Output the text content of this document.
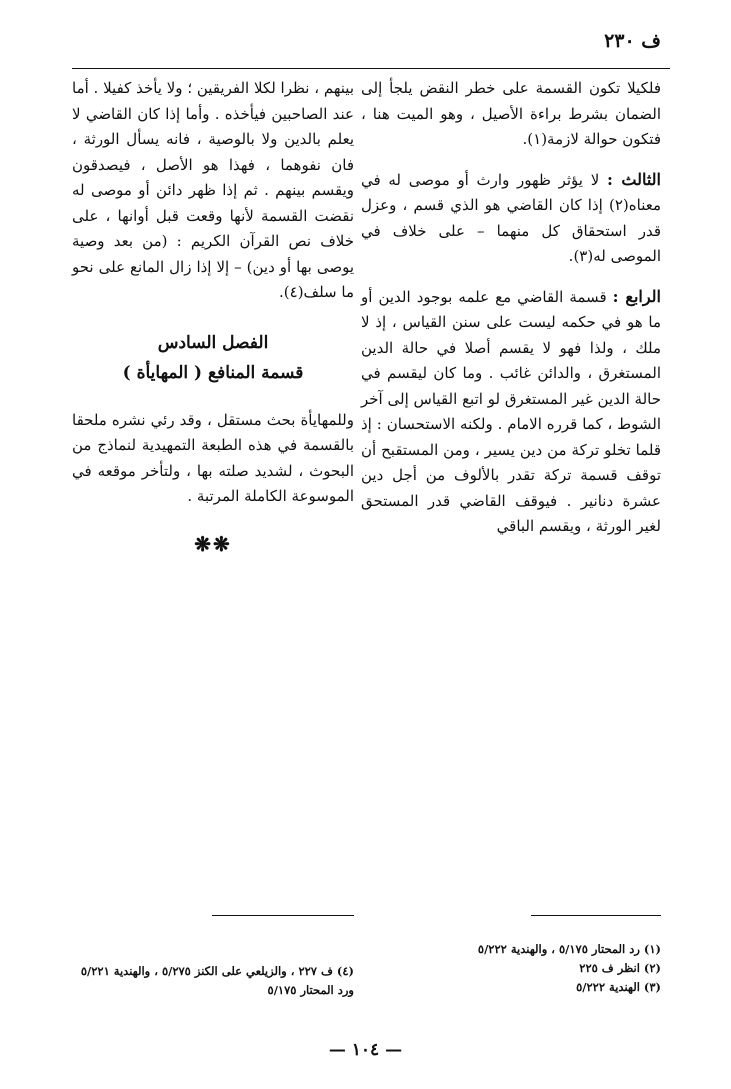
ف ٢٣٠

فلكيلا تكون القسمة على خطر النقض يلجأ إلى الضمان بشرط براءة الأصيل ، وهو الميت هنا ، فتكون حوالة لازمة(١).

الثالث : لا يؤثر ظهور وارث أو موصى له في معناه(٢) إذا كان القاضي هو الذي قسم ، وعزل قدر استحقاق كل منهما – على خلاف في الموصى له(٣).

الرابع : قسمة القاضي مع علمه بوجود الدين أو ما هو في حكمه ليست على سنن القياس ، إذ لا ملك ، ولذا فهو لا يقسم أصلا في حالة الدين المستغرق ، والدائن غائب . وما كان ليقسم في حالة الدين غير المستغرق لو اتبع القياس إلى آخر الشوط ، كما قرره الامام . ولكنه الاستحسان : إذ قلما تخلو تركة من دين يسير ، ومن المستقبح أن توقف قسمة تركة تقدر بالألوف من أجل دين عشرة دنانير . فيوقف القاضي قدر المستحق لغير الورثة ، ويقسم الباقي

بينهم ، نظرا لكلا الفريقين ؛ ولا يأخذ كفيلا . أما عند الصاحبين فيأخذه . وأما إذا كان القاضي لا يعلم بالدين ولا بالوصية ، فانه يسأل الورثة ، فان نفوهما ، فهذا هو الأصل ، فيصدقون ويقسم بينهم . ثم إذا ظهر دائن أو موصى له نقضت القسمة لأنها وقعت قبل أوانها ، على خلاف نص القرآن الكريم : (من بعد وصية يوصى بها أو دين) – إلا إذا زال المانع على نحو ما سلف(٤).

الفصل السادس
قسمة المنافع ( المهايأة )

وللمهايأة بحث مستقل ، وقد رئي نشره ملحقا بالقسمة في هذه الطبعة التمهيدية لنماذج من البحوث ، لشديد صلته بها ، ولتأخر موقعه في الموسوعة الكاملة المرتبة .

❋❋
(١) رد المحتار ٥/١٧٥ ، والهندية ٥/٢٢٢
(٢) انظر ف ٢٢٥
(٣) الهندية ٥/٢٢٢
(٤) ف ٢٢٧ ، والزيلعي على الكنز ٥/٢٧٥ ، والهندية ٥/٢٢١
ورد المحتار ٥/١٧٥
— ١٠٤ —
